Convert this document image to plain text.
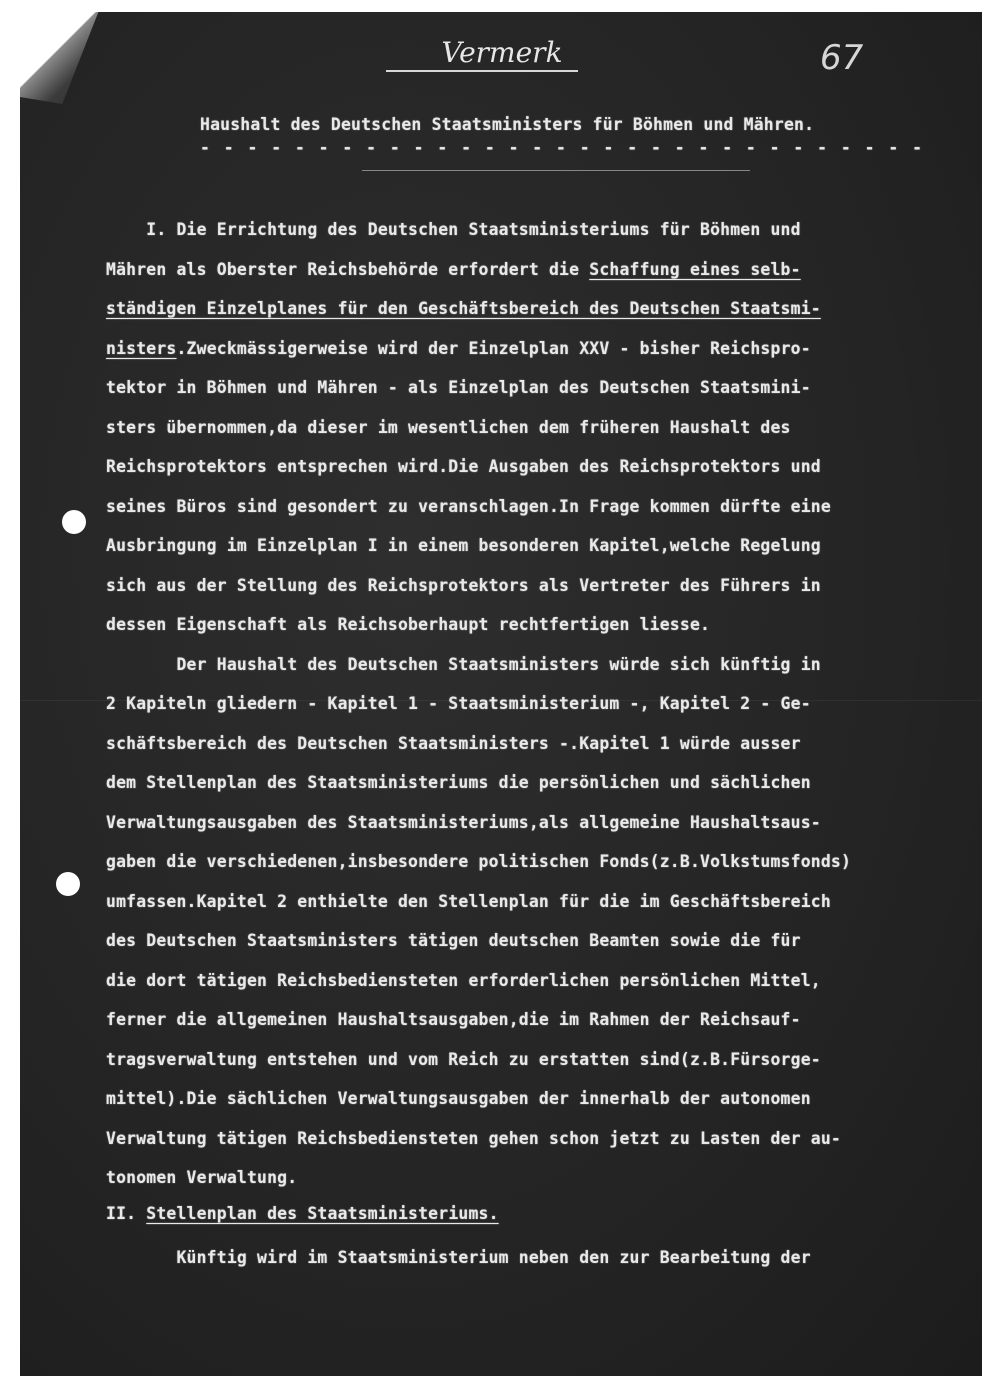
Vermerk	67

Haushalt des Deutschen Staatsministers für Böhmen und Mähren.

- - - - - - - - - - - - - - - - - - - - - - - - - - - - - - -

I. Die Errichtung des Deutschen Staatsministeriums für Böhmen und
Mähren als Oberster Reichsbehörde erfordert die Schaffung eines selb-
ständigen Einzelplanes für den Geschäftsbereich des Deutschen Staatsmi-
nisters.Zweckmässigerweise wird der Einzelplan XXV - bisher Reichspro-
tektor in Böhmen und Mähren - als Einzelplan des Deutschen Staatsmini-
sters übernommen,da dieser im wesentlichen dem früheren Haushalt des
Reichsprotektors entsprechen wird.Die Ausgaben des Reichsprotektors und
seines Büros sind gesondert zu veranschlagen.In Frage kommen dürfte eine
Ausbringung im Einzelplan I in einem besonderen Kapitel,welche Regelung
sich aus der Stellung des Reichsprotektors als Vertreter des Führers in
dessen Eigenschaft als Reichsoberhaupt rechtfertigen liesse.
Der Haushalt des Deutschen Staatsministers würde sich künftig in
2 Kapiteln gliedern - Kapitel 1 - Staatsministerium -, Kapitel 2 - Ge-
schäftsbereich des Deutschen Staatsministers -.Kapitel 1 würde ausser
dem Stellenplan des Staatsministeriums die persönlichen und sächlichen
Verwaltungsausgaben des Staatsministeriums,als allgemeine Haushaltsaus-
gaben die verschiedenen,insbesondere politischen Fonds(z.B.Volkstumsfonds)
umfassen.Kapitel 2 enthielte den Stellenplan für die im Geschäftsbereich
des Deutschen Staatsministers tätigen deutschen Beamten sowie die für
die dort tätigen Reichsbediensteten erforderlichen persönlichen Mittel,
ferner die allgemeinen Haushaltsausgaben,die im Rahmen der Reichsauf-
tragsverwaltung entstehen und vom Reich zu erstatten sind(z.B.Fürsorge-
mittel).Die sächlichen Verwaltungsausgaben der innerhalb der autonomen
Verwaltung tätigen Reichsbediensteten gehen schon jetzt zu Lasten der au-
tonomen Verwaltung.

II. Stellenplan des Staatsministeriums.

Künftig wird im Staatsministerium neben den zur Bearbeitung der
